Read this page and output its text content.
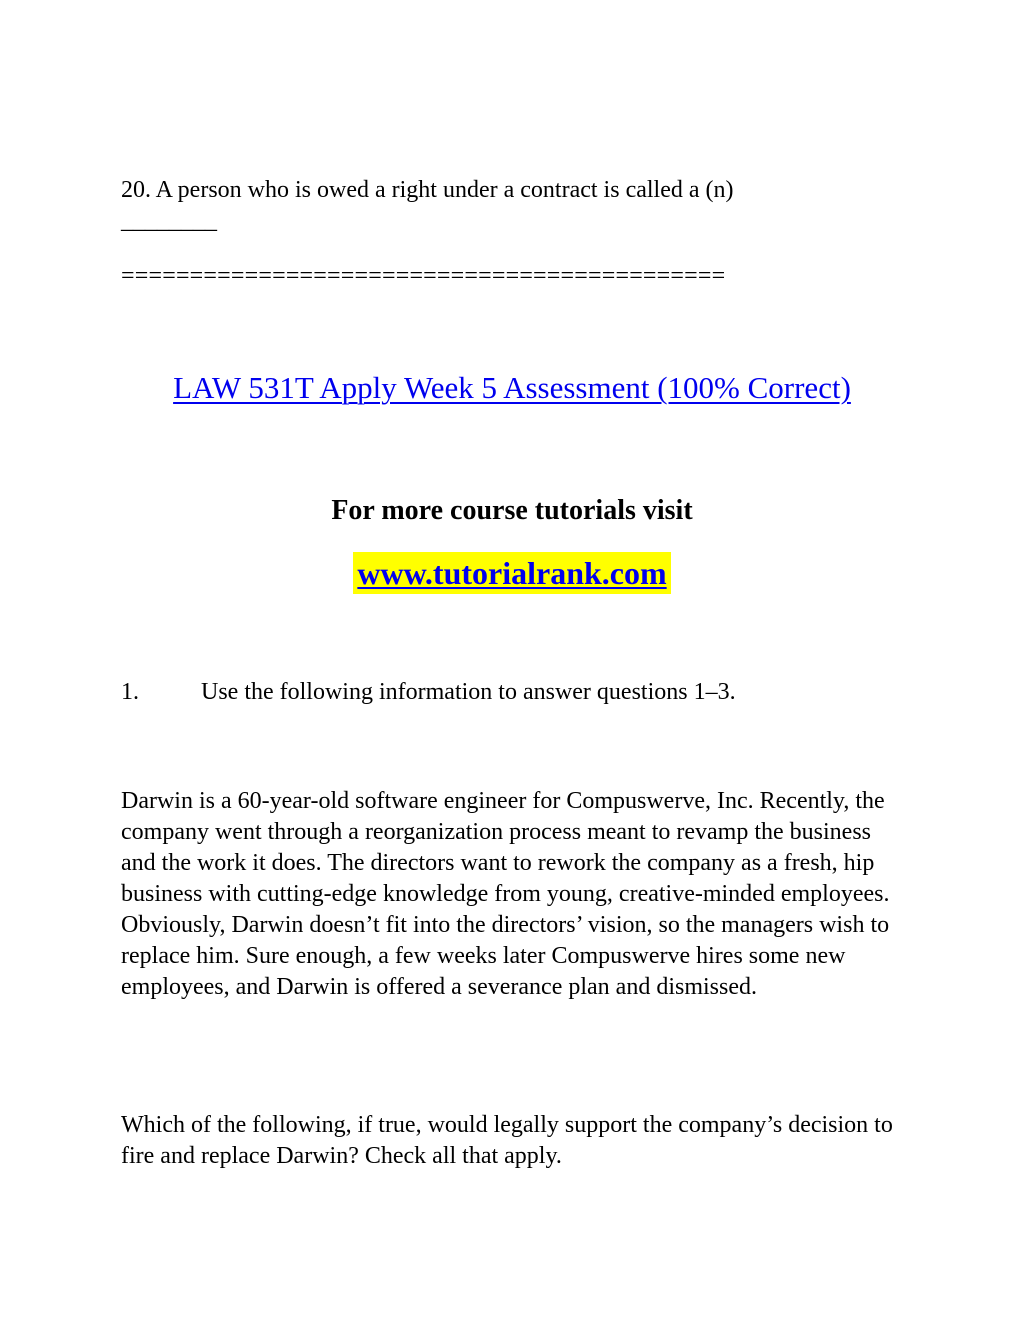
20. A person who is owed a right under a contract is called a (n)
________

============================================
LAW 531T Apply Week 5 Assessment (100% Correct)
For more course tutorials visit
www.tutorialrank.com

1.	Use the following information to answer questions 1–3.

Darwin is a 60-year-old software engineer for Compuswerve, Inc. Recently, the company went through a reorganization process meant to revamp the business and the work it does. The directors want to rework the company as a fresh, hip business with cutting-edge knowledge from young, creative-minded employees. Obviously, Darwin doesn’t fit into the directors’ vision, so the managers wish to replace him. Sure enough, a few weeks later Compuswerve hires some new employees, and Darwin is offered a severance plan and dismissed.

Which of the following, if true, would legally support the company’s decision to fire and replace Darwin? Check all that apply.
